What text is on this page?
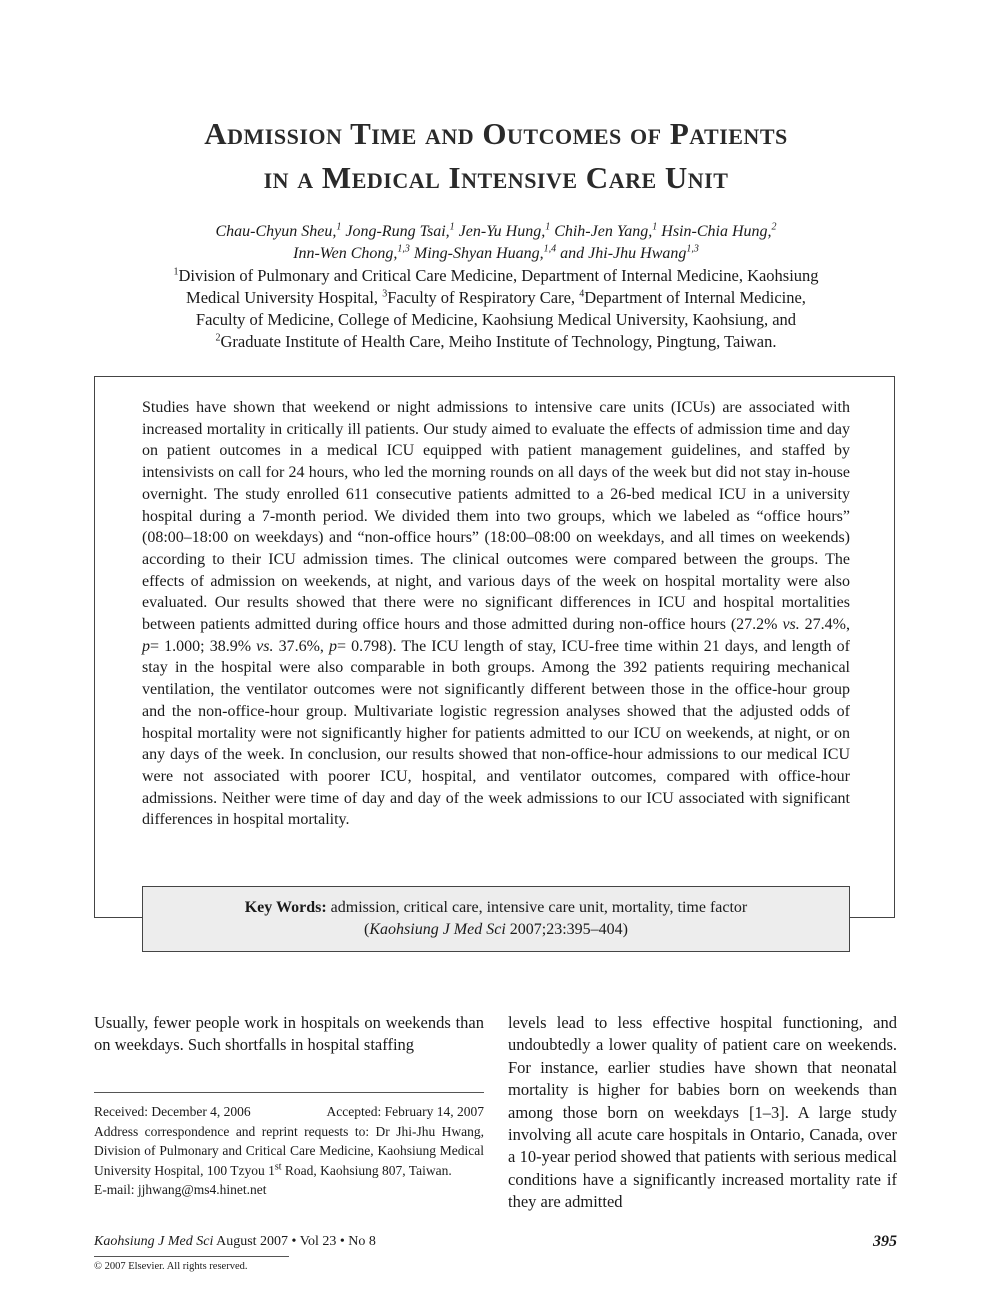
Admission Time and Outcomes of Patients
in a Medical Intensive Care Unit
Chau-Chyun Sheu,$^1$ Jong-Rung Tsai,$^1$ Jen-Yu Hung,$^1$ Chih-Jen Yang,$^1$ Hsin-Chia Hung,$^2$
Inn-Wen Chong,$^{1,3}$ Ming-Shyan Huang,$^{1,4}$ and Jhi-Jhu Hwang$^{1,3}$
$^1$Division of Pulmonary and Critical Care Medicine, Department of Internal Medicine, Kaohsiung
Medical University Hospital, $^3$Faculty of Respiratory Care, $^4$Department of Internal Medicine,
Faculty of Medicine, College of Medicine, Kaohsiung Medical University, Kaohsiung, and
$^2$Graduate Institute of Health Care, Meiho Institute of Technology, Pingtung, Taiwan.
Studies have shown that weekend or night admissions to intensive care units (ICUs) are associated with increased mortality in critically ill patients. Our study aimed to evaluate the effects of admission time and day on patient outcomes in a medical ICU equipped with patient management guidelines, and staffed by intensivists on call for 24 hours, who led the morning rounds on all days of the week but did not stay in-house overnight. The study enrolled 611 consecutive patients admitted to a 26-bed medical ICU in a university hospital during a 7-month period. We divided them into two groups, which we labeled as “office hours” (08:00–18:00 on weekdays) and “non-office hours” (18:00–08:00 on weekdays, and all times on weekends) according to their ICU admission times. The clinical outcomes were compared between the groups. The effects of admission on weekends, at night, and various days of the week on hospital mortality were also evaluated. Our results showed that there were no significant differences in ICU and hospital mortalities between patients admitted during office hours and those admitted during non-office hours (27.2% vs. 27.4%, p= 1.000; 38.9% vs. 37.6%, p= 0.798). The ICU length of stay, ICU-free time within 21 days, and length of stay in the hospital were also comparable in both groups. Among the 392 patients requiring mechanical ventilation, the ventilator outcomes were not significantly different between those in the office-hour group and the non-office-hour group. Multivariate logistic regression analyses showed that the adjusted odds of hospital mortality were not significantly higher for patients admitted to our ICU on weekends, at night, or on any days of the week. In conclusion, our results showed that non-office-hour admissions to our medical ICU were not associated with poorer ICU, hospital, and ventilator outcomes, compared with office-hour admissions. Neither were time of day and day of the week admissions to our ICU associated with significant differences in hospital mortality.
Key Words: admission, critical care, intensive care unit, mortality, time factor
(Kaohsiung J Med Sci 2007;23:395–404)
Usually, fewer people work in hospitals on weekends than on weekdays. Such shortfalls in hospital staffing
levels lead to less effective hospital functioning, and undoubtedly a lower quality of patient care on weekends. For instance, earlier studies have shown that neonatal mortality is higher for babies born on weekends than among those born on weekdays [1–3]. A large study involving all acute care hospitals in Ontario, Canada, over a 10-year period showed that patients with serious medical conditions have a significantly increased mortality rate if they are admitted
Received: December 4, 2006	Accepted: February 14, 2007
Address correspondence and reprint requests to: Dr Jhi-Jhu Hwang, Division of Pulmonary and Critical Care Medicine, Kaohsiung Medical University Hospital, 100 Tzyou 1st Road, Kaohsiung 807, Taiwan.
E-mail: jjhwang@ms4.hinet.net
Kaohsiung J Med Sci August 2007 • Vol 23 • No 8	395
© 2007 Elsevier. All rights reserved.
